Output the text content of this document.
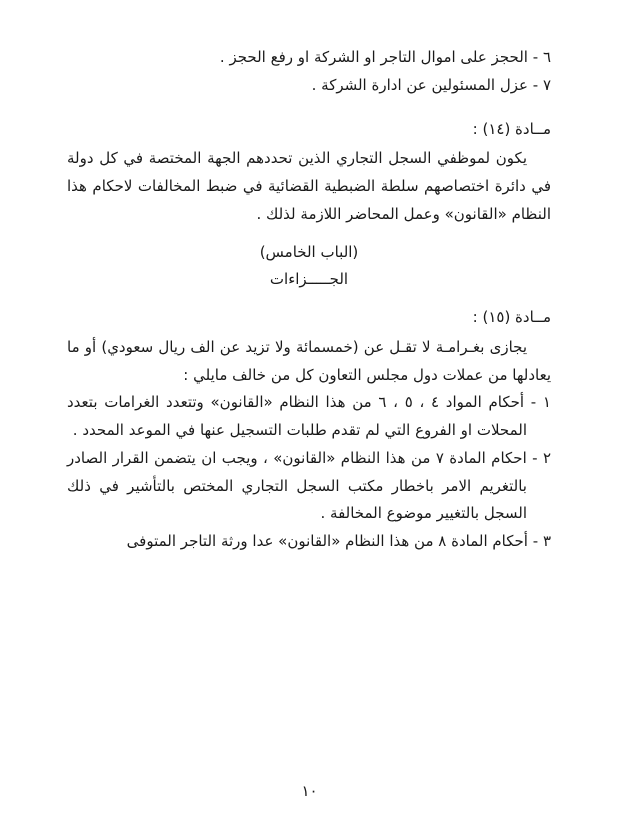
٦ - الحجز على اموال التاجر او الشركة او رفع الحجز .

٧ - عزل المسئولين عن ادارة الشركة .

مــادة (١٤) :

يكون لموظفي السجل التجاري الذين تحددهم الجهة المختصة في كل دولة في دائرة اختصاصهم سلطة الضبطية القضائية في ضبط المخالفات لاحكام هذا النظام «القانون» وعمل المحاضر اللازمة لذلك .

(الباب الخامس)

الجـــــزاءات

مــادة (١٥) :

يجازى بغـرامـة لا تقـل عن (خمسمائة ولا تزيد عن الف ريال سعودي) أو ما يعادلها من عملات دول مجلس التعاون كل من خالف مايلي :

١ - أحكام المواد ٤ ، ٥ ، ٦ من هذا النظام «القانون» وتتعدد الغرامات بتعدد المحلات او الفروع التي لم تقدم طلبات التسجيل عنها في الموعد المحدد .

٢ - احكام المادة ٧ من هذا النظام «القانون» ، ويجب ان يتضمن القرار الصادر بالتغريم الامر باخطار مكتب السجل التجاري المختص بالتأشير في ذلك السجل بالتغيير موضوع المخالفة .

٣ - أحكام المادة ٨ من هذا النظام «القانون» عدا ورثة التاجر المتوفى

١٠
